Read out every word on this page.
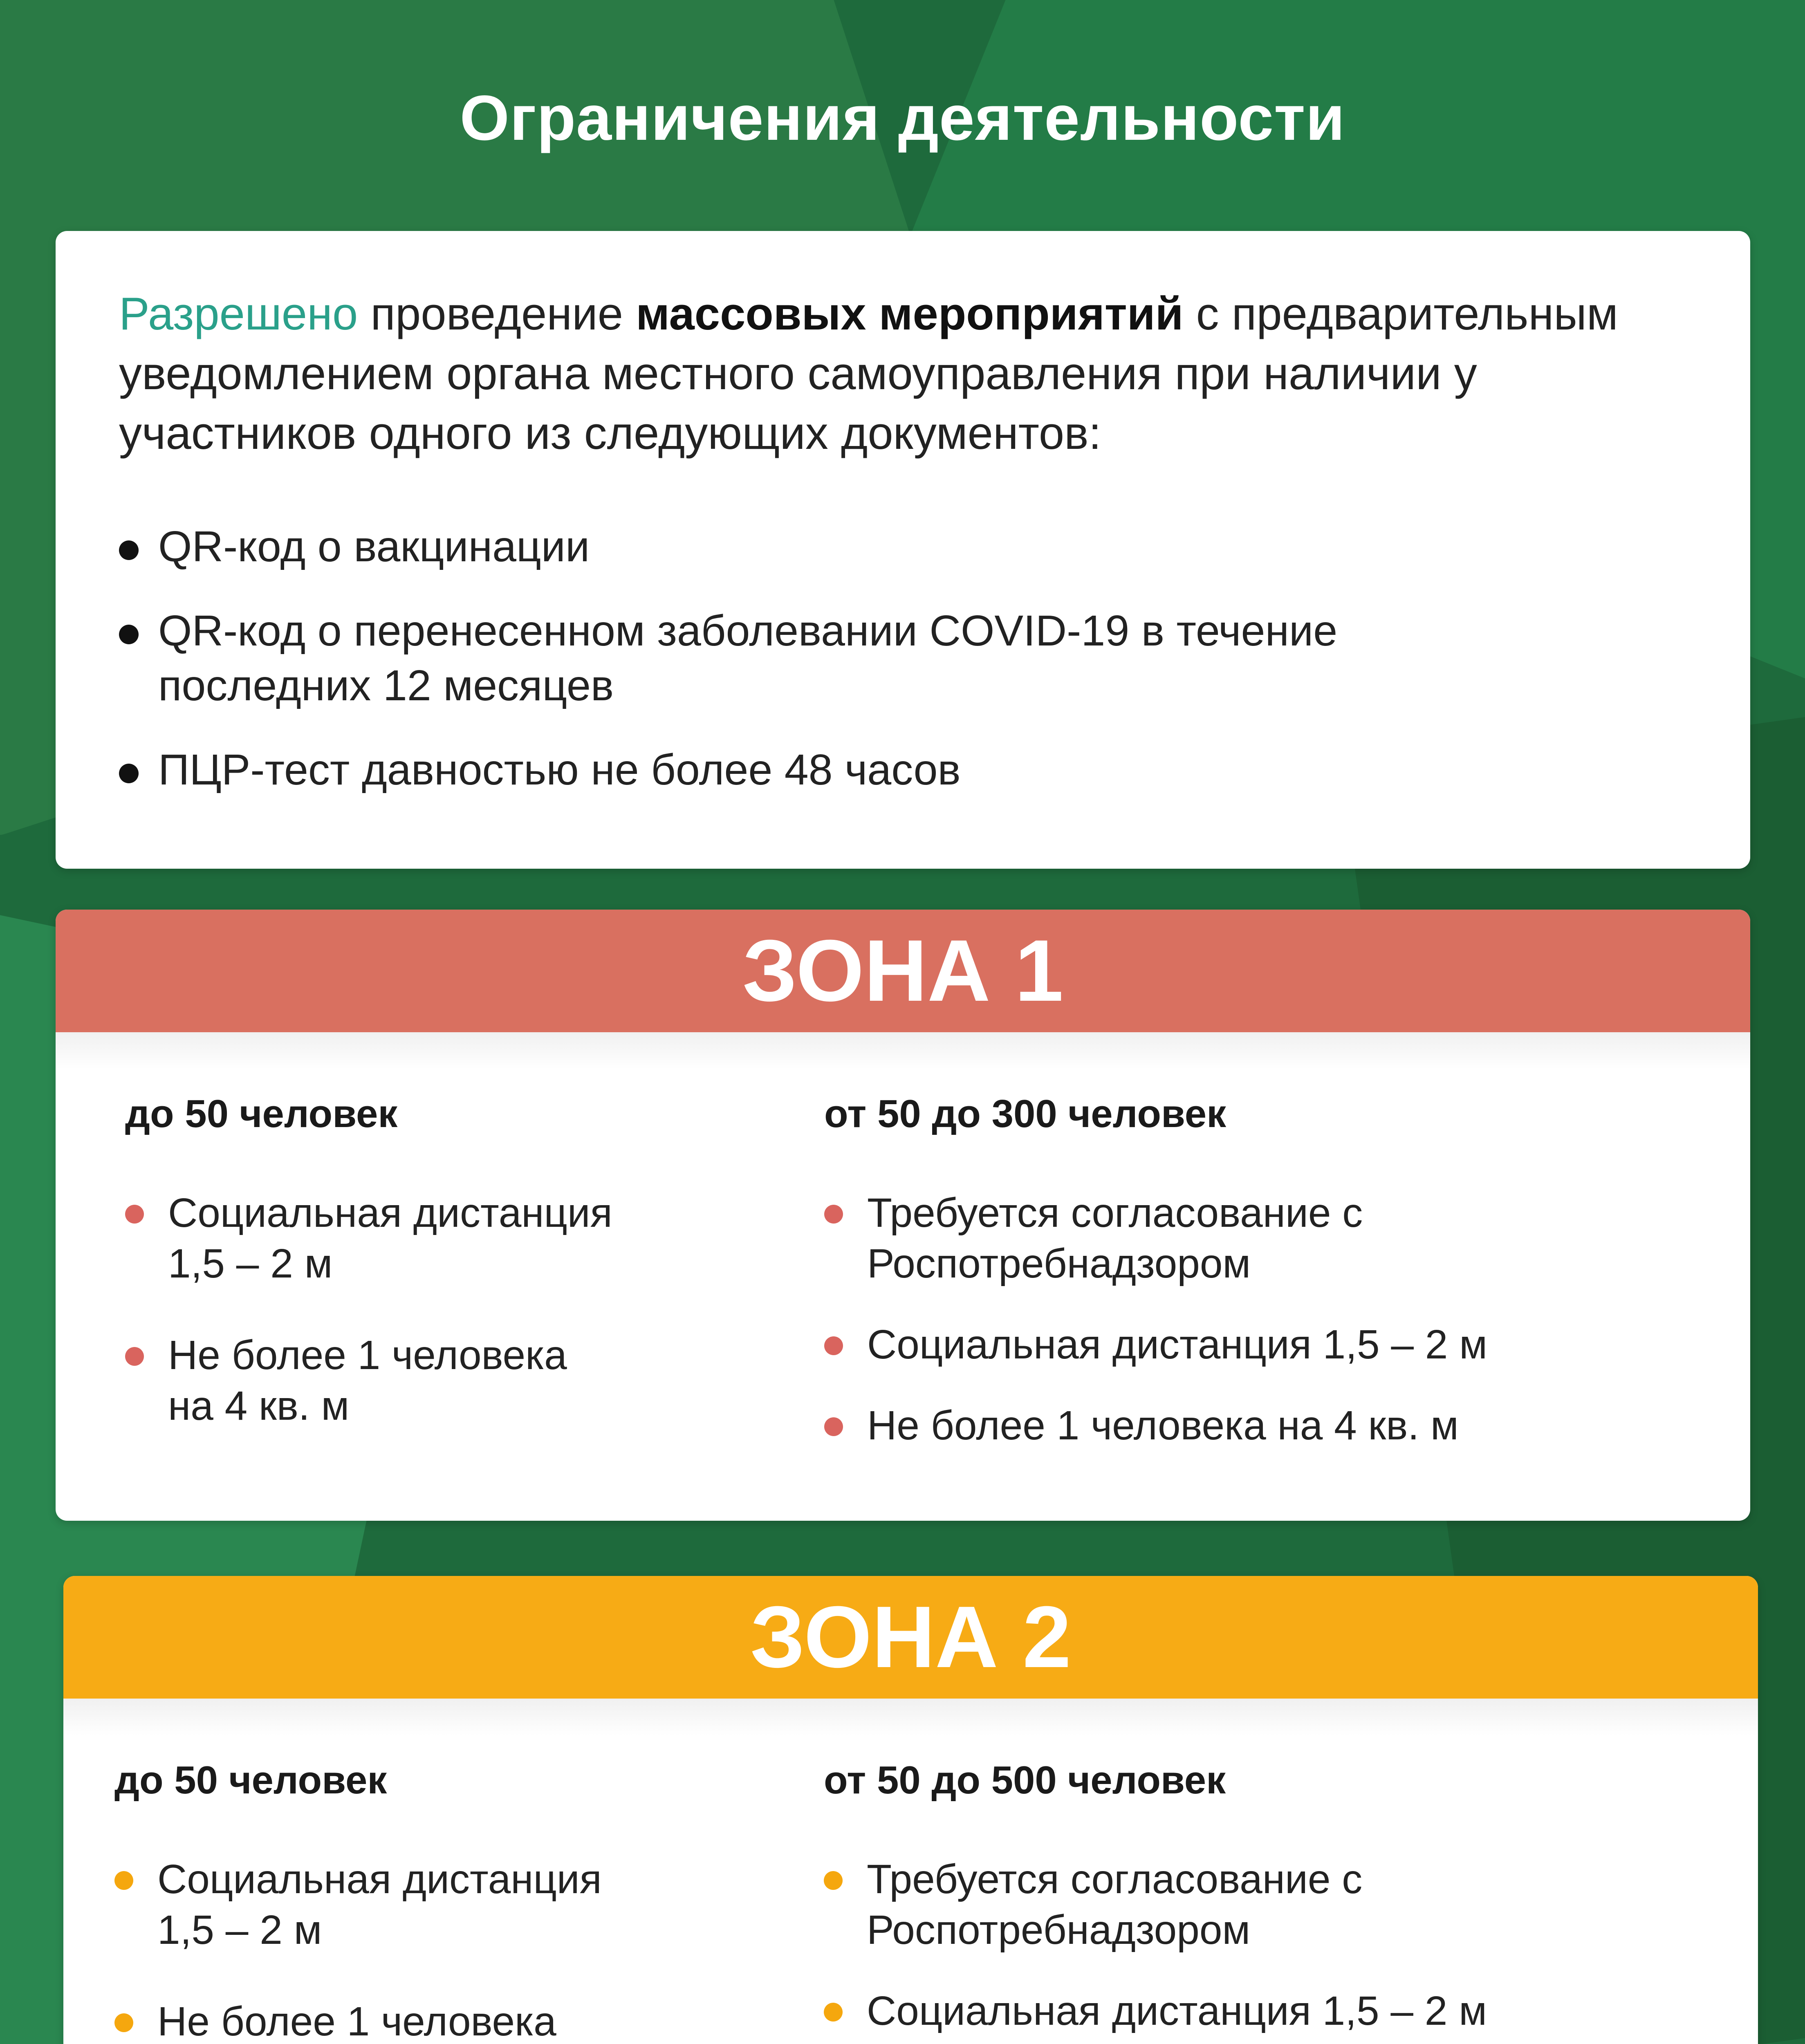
Ограничения деятельности
Разрешено проведение массовых мероприятий с предварительным уведомлением органа местного самоуправления при наличии у участников одного из следующих документов:
QR-код о вакцинации
QR-код о перенесенном заболевании COVID-19 в течение последних 12 месяцев
ПЦР-тест давностью не более 48 часов
ЗОНА 1
до 50 человек
Социальная дистанция 1,5 – 2 м
Не более 1 человека на 4 кв. м
от 50 до 300 человек
Требуется согласование с Роспотребнадзором
Социальная дистанция 1,5 – 2 м
Не более 1 человека на 4 кв. м
ЗОНА 2
до 50 человек
Социальная дистанция 1,5 – 2 м
Не более 1 человека
от 50 до 500 человек
Требуется согласование с Роспотребнадзором
Социальная дистанция 1,5 – 2 м
